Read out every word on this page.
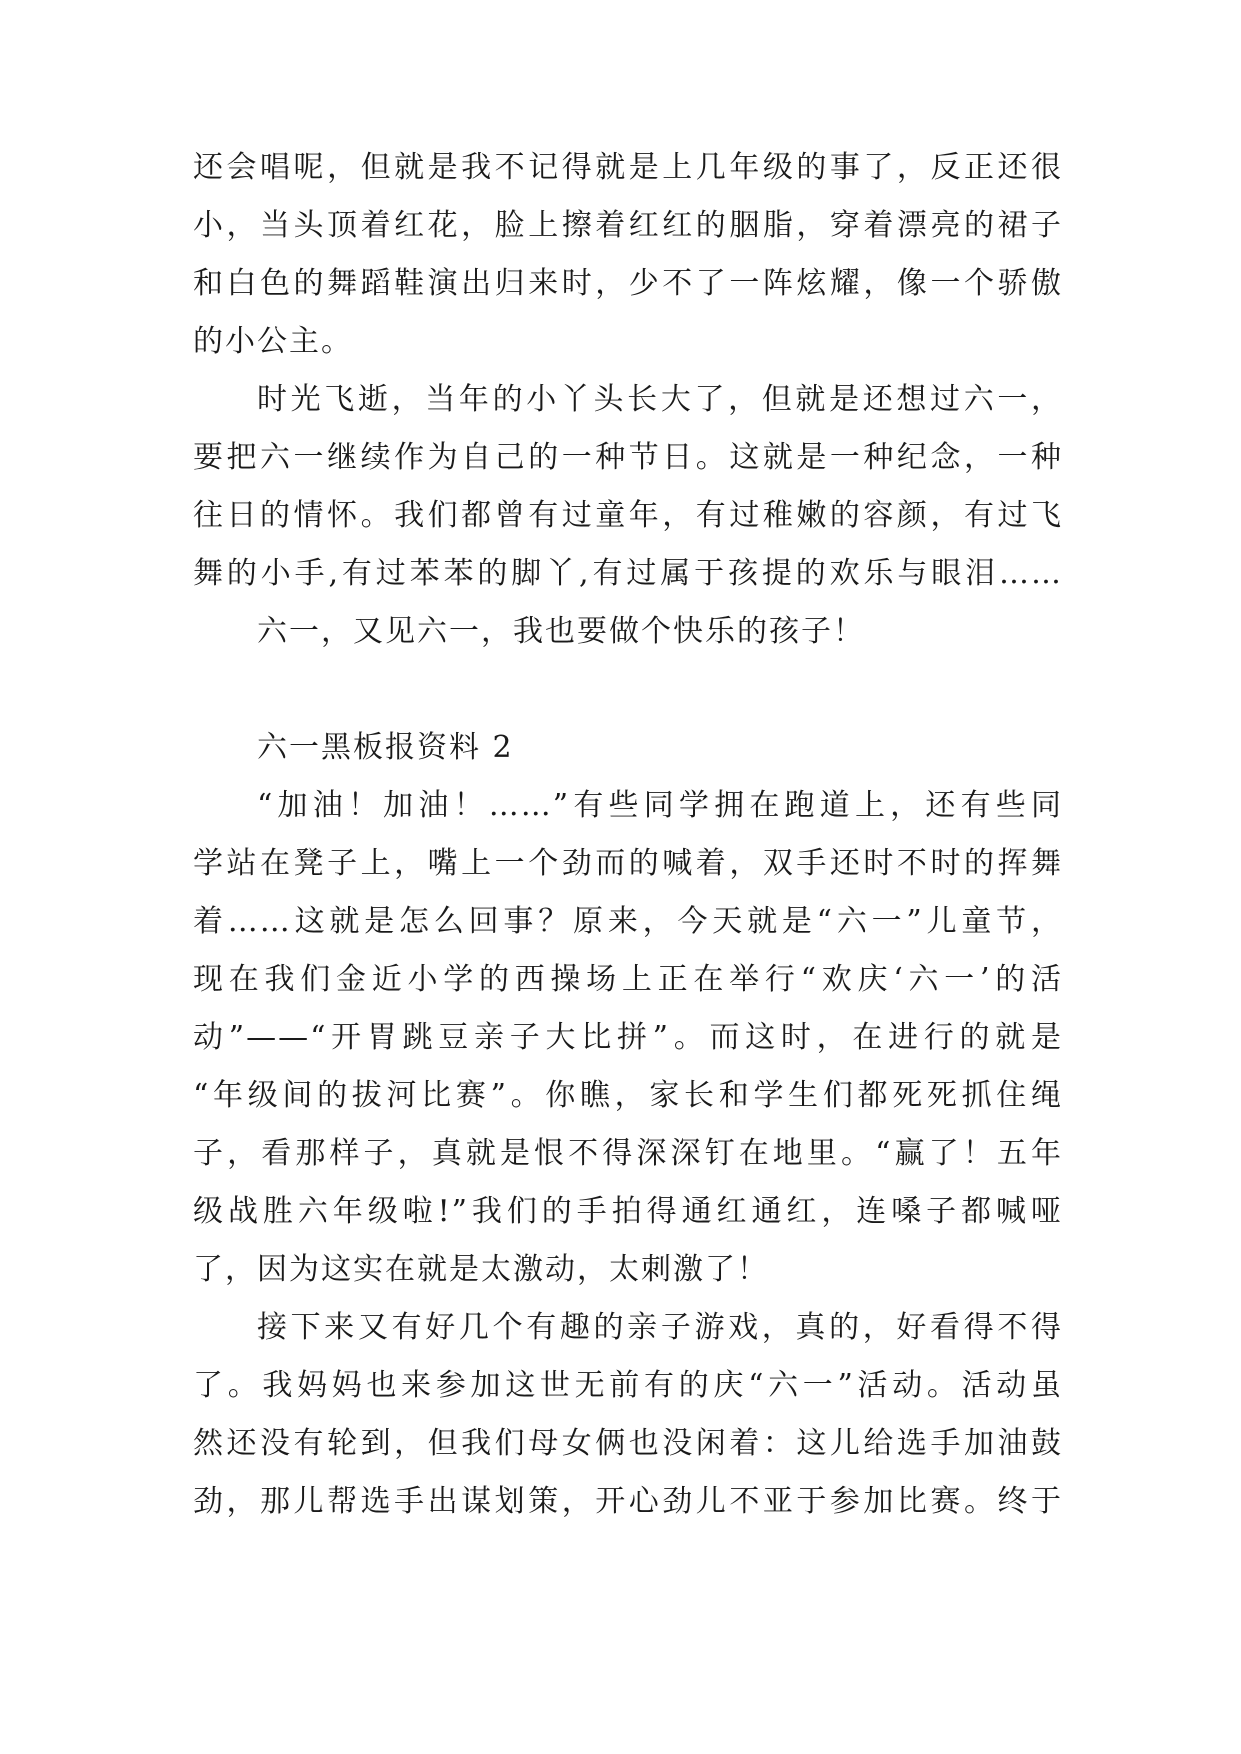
还会唱呢，但就是我不记得就是上几年级的事了，反正还很
小，当头顶着红花，脸上擦着红红的胭脂，穿着漂亮的裙子
和白色的舞蹈鞋演出归来时，少不了一阵炫耀，像一个骄傲
的小公主。
时光飞逝，当年的小丫头长大了，但就是还想过六一，
要把六一继续作为自己的一种节日。这就是一种纪念，一种
往日的情怀。我们都曾有过童年，有过稚嫩的容颜，有过飞
舞的小手,有过苯苯的脚丫,有过属于孩提的欢乐与眼泪……
六一，又见六一，我也要做个快乐的孩子！
六一黑板报资料 2
“加油！加油！……”有些同学拥在跑道上，还有些同
学站在凳子上，嘴上一个劲而的喊着，双手还时不时的挥舞
着……这就是怎么回事？原来，今天就是“六一”儿童节，
现在我们金近小学的西操场上正在举行“欢庆‘六一’的活
动”——“开胃跳豆亲子大比拼”。而这时，在进行的就是
“年级间的拔河比赛”。你瞧，家长和学生们都死死抓住绳
子，看那样子，真就是恨不得深深钉在地里。“赢了！五年
级战胜六年级啦!”我们的手拍得通红通红，连嗓子都喊哑
了，因为这实在就是太激动，太刺激了！
接下来又有好几个有趣的亲子游戏，真的，好看得不得
了。我妈妈也来参加这世无前有的庆“六一”活动。活动虽
然还没有轮到，但我们母女俩也没闲着：这儿给选手加油鼓
劲，那儿帮选手出谋划策，开心劲儿不亚于参加比赛。终于
